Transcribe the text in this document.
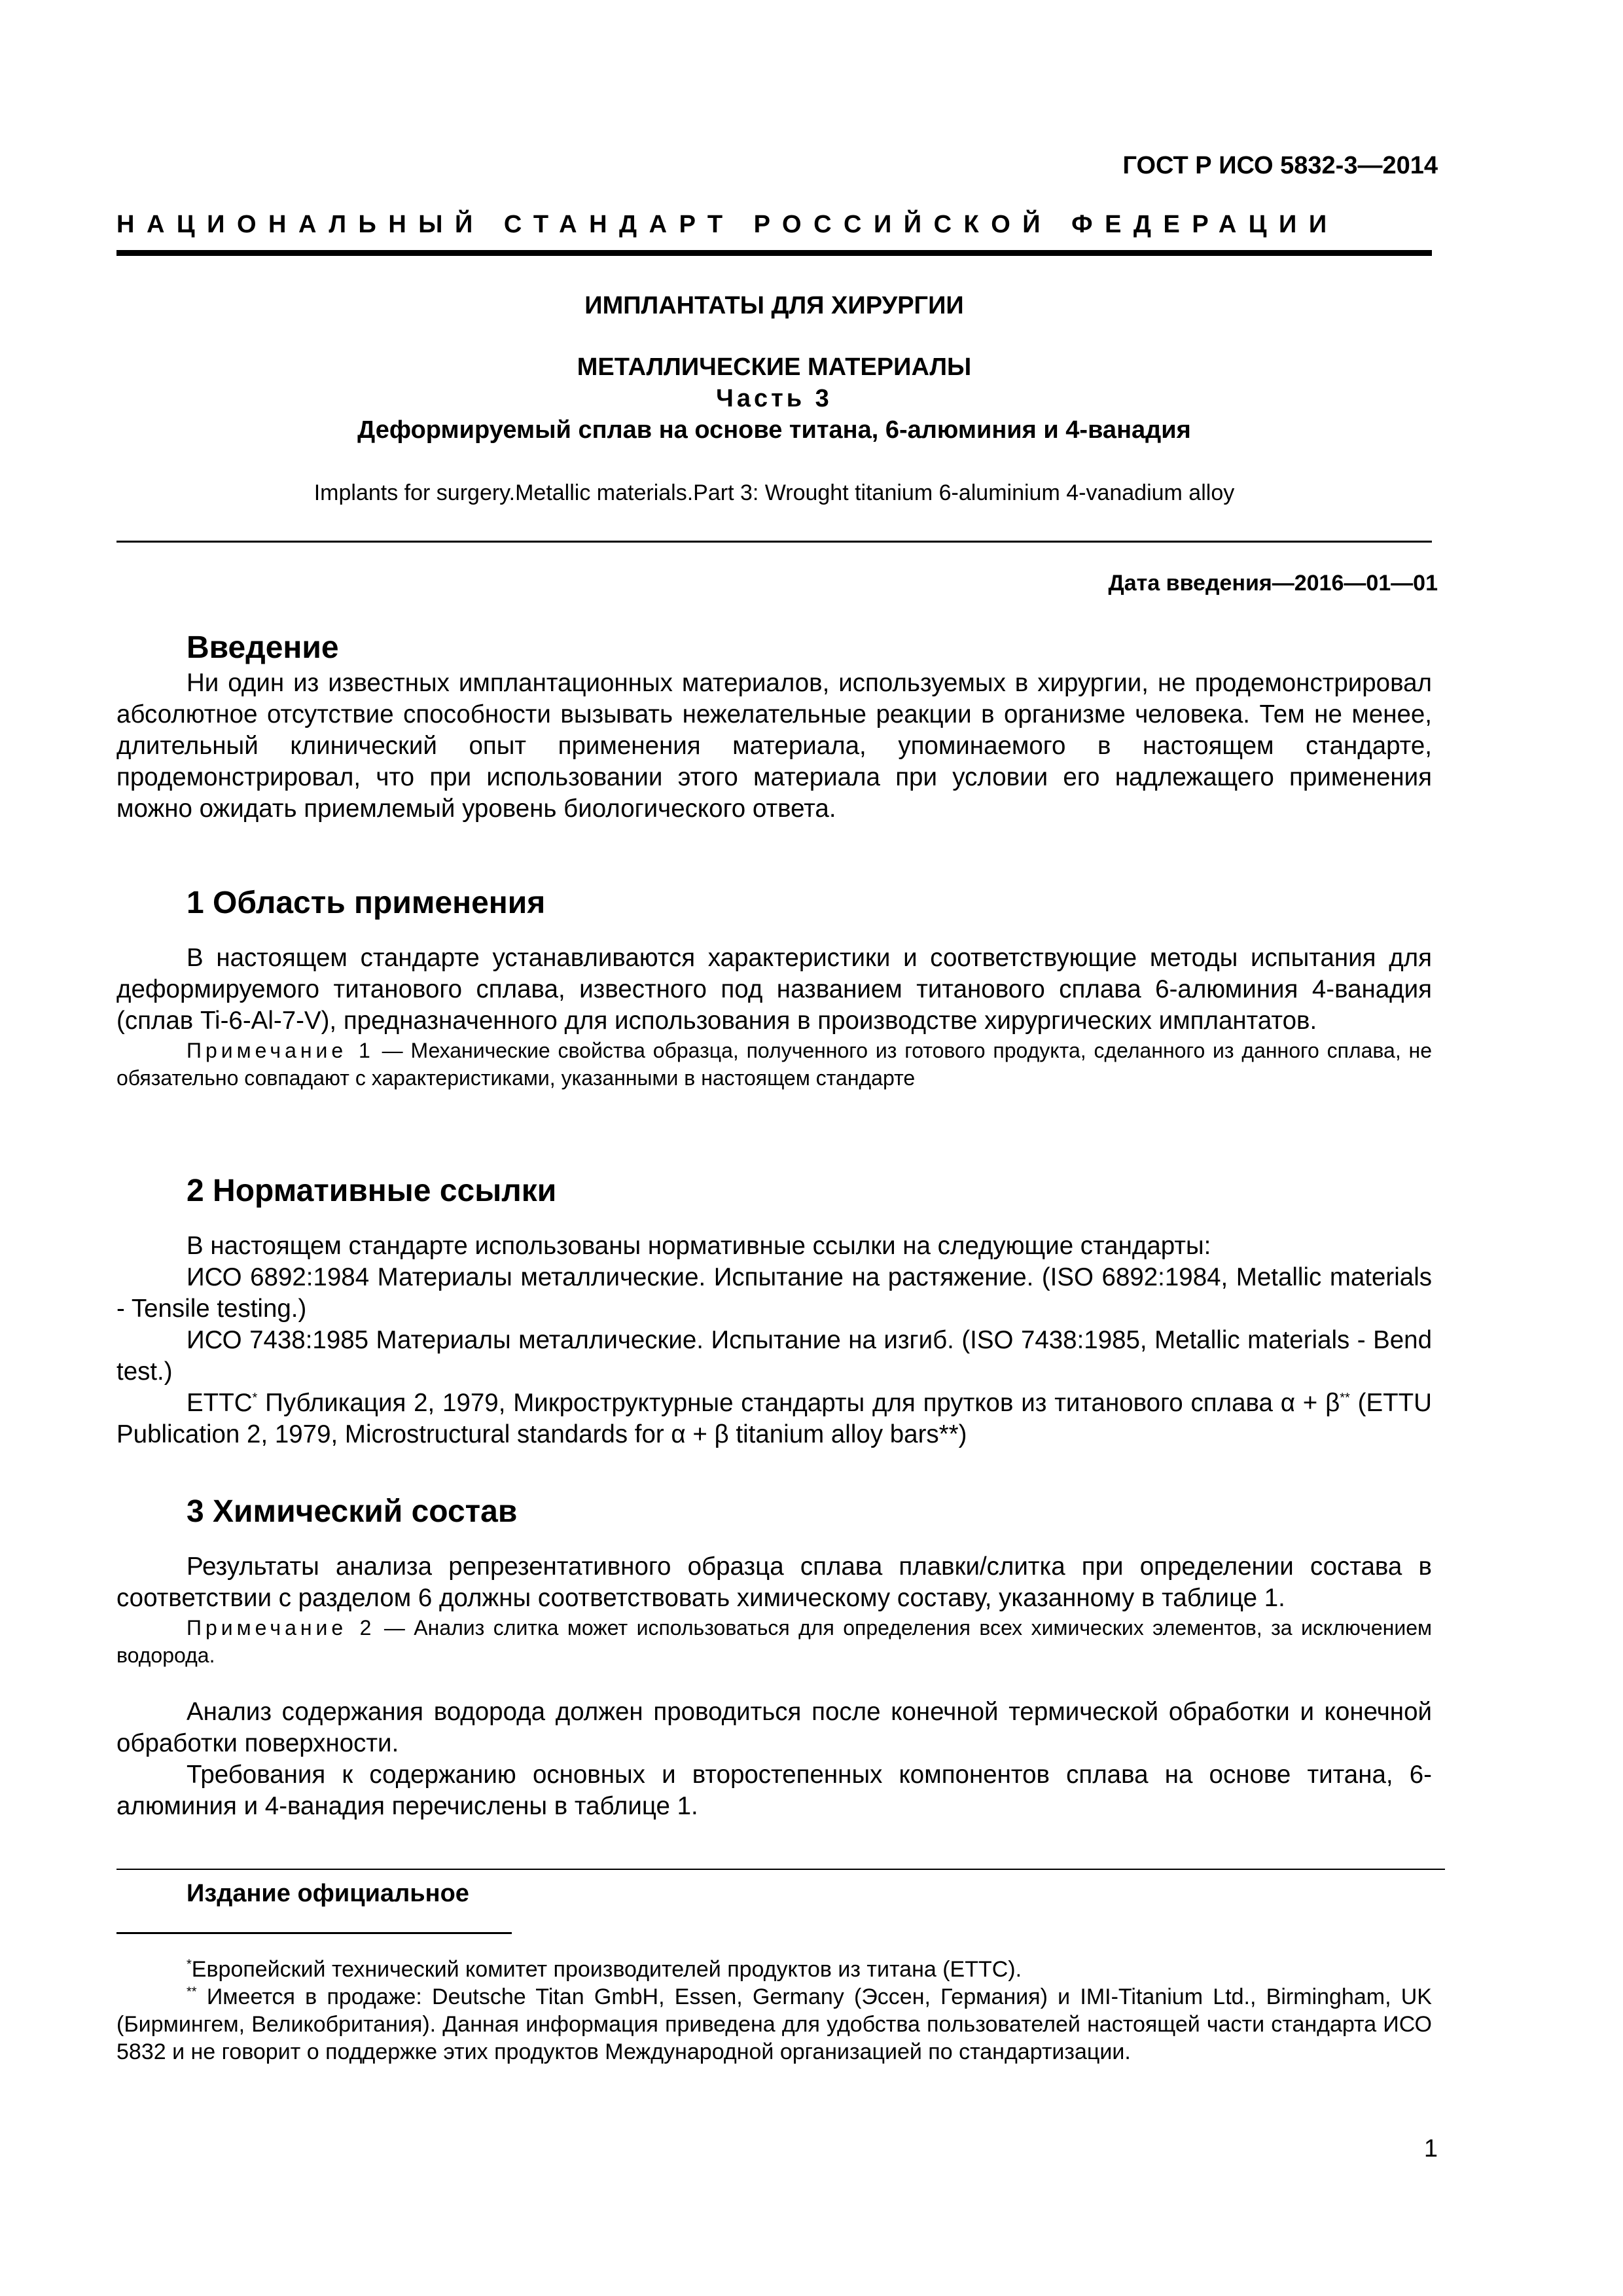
ГОСТ Р ИСО 5832-3—2014
НАЦИОНАЛЬНЫЙ СТАНДАРТ РОССИЙСКОЙ ФЕДЕРАЦИИ
ИМПЛАНТАТЫ ДЛЯ ХИРУРГИИ
МЕТАЛЛИЧЕСКИЕ МАТЕРИАЛЫ
Часть 3
Деформируемый сплав на основе титана, 6-алюминия и 4-ванадия
Implants for surgery.Metallic materials.Part 3: Wrought titanium 6-aluminium 4-vanadium alloy
Дата введения—2016—01—01
Введение

Ни один из известных имплантационных материалов, используемых в хирургии, не продемонстрировал абсолютное отсутствие способности вызывать нежелательные реакции в организме человека. Тем не менее, длительный клинический опыт применения материала, упоминаемого в настоящем стандарте, продемонстрировал, что при использовании этого материала при условии его надлежащего применения можно ожидать приемлемый уровень биологического ответа.

1 Область применения

В настоящем стандарте устанавливаются характеристики и соответствующие методы испытания для деформируемого титанового сплава, известного под названием титанового сплава 6-алюминия 4-ванадия (сплав Ti-6-Al-7-V), предназначенного для использования в производстве хирургических имплантатов.

Примечание 1 — Механические свойства образца, полученного из готового продукта, сделанного из данного сплава, не обязательно совпадают с характеристиками, указанными в настоящем стандарте

2 Нормативные ссылки

В настоящем стандарте использованы нормативные ссылки на следующие стандарты:

ИСО 6892:1984 Материалы металлические. Испытание на растяжение. (ISO 6892:1984, Metallic materials - Tensile testing.)

ИСО 7438:1985 Материалы металлические. Испытание на изгиб. (ISO 7438:1985, Metallic materials - Bend test.)

ЕТТС* Публикация 2, 1979, Микроструктурные стандарты для прутков из титанового сплава α + β** (ETTU Publication 2, 1979, Microstructural standards for α + β titanium alloy bars**)

3 Химический состав

Результаты анализа репрезентативного образца сплава плавки/слитка при определении состава в соответствии с разделом 6 должны соответствовать химическому составу, указанному в таблице 1.

Примечание 2 — Анализ слитка может использоваться для определения всех химических элементов, за исключением водорода.

Анализ содержания водорода должен проводиться после конечной термической обработки и конечной обработки поверхности.

Требования к содержанию основных и второстепенных компонентов сплава на основе титана, 6-алюминия и 4-ванадия перечислены в таблице 1.

Издание официальное

*Европейский технический комитет производителей продуктов из титана (ЕТТС).

** Имеется в продаже: Deutsche Titan GmbH, Essen, Germany (Эссен, Германия) и IMI-Titanium Ltd., Birmingham, UK (Бирмингем, Великобритания). Данная информация приведена для удобства пользователей настоящей части стандарта ИСО 5832 и не говорит о поддержке этих продуктов Международной организацией по стандартизации.

1
